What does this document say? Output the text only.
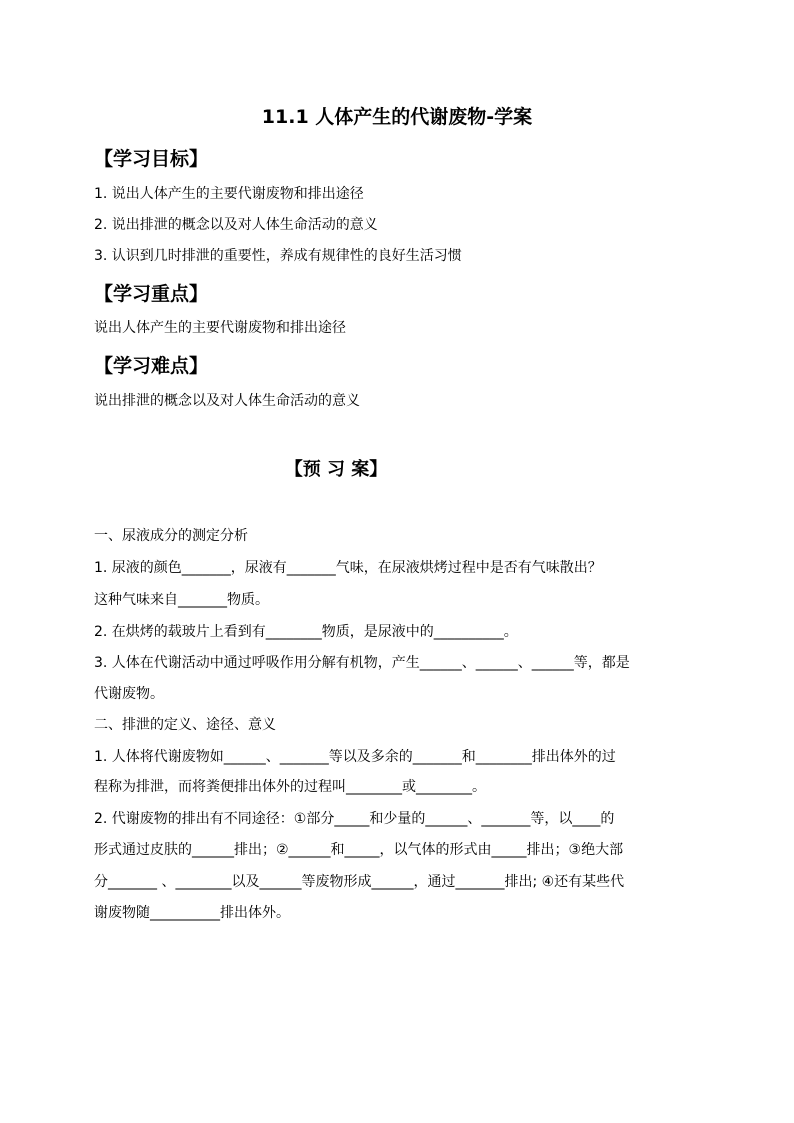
11.1 人体产生的代谢废物-学案
【学习目标】
1. 说出人体产生的主要代谢废物和排出途径
2. 说出排泄的概念以及对人体生命活动的意义
3. 认识到几时排泄的重要性，养成有规律性的良好生活习惯
【学习重点】
说出人体产生的主要代谢废物和排出途径
【学习难点】
说出排泄的概念以及对人体生命活动的意义
【预 习 案】
一、尿液成分的测定分析
1. 尿液的颜色_______，尿液有_______气味，在尿液烘烤过程中是否有气味散出？
这种气味来自_______物质。
2. 在烘烤的载玻片上看到有________物质，是尿液中的__________。
3. 人体在代谢活动中通过呼吸作用分解有机物，产生______、______、______等，都是
代谢废物。
二、排泄的定义、途径、意义
1. 人体将代谢废物如______、_______等以及多余的_______和________排出体外的过
程称为排泄，而将粪便排出体外的过程叫________或________。
2. 代谢废物的排出有不同途径：①部分_____和少量的______、_______等，以____的
形式通过皮肤的______排出；②______和_____，以气体的形式由_____排出；③绝大部
分_______ 、________以及______等废物形成______，通过_______排出; ④还有某些代
谢废物随__________排出体外。
